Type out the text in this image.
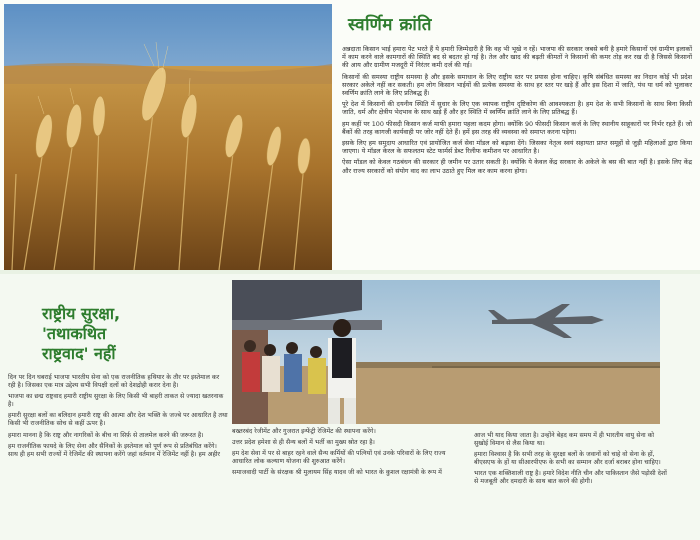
स्वर्णिम क्रांति

अन्नदाता किसान भाई हमारा पेट भरते हैं ये हमारी जिम्मेदारी है कि वह भी भूखे न रहें। भाजपा की सरकार जबसे बनी है हमारे किसानों एवं ग्रामीण इलाकों में काम करने वाले कामगारों की स्थिति बद से बदतर हो गई है। तेल और खाद की बढ़ती कीमतों ने किसानों की कमर तोड़ कर रख दी है जिससे किसानों की आय और ग्रामीण मजदूरी में निरंतर कमी दर्ज की गई।

किसानों की समस्या राष्ट्रीय समस्या है और इसके समाधान के लिए राष्ट्रीय स्तर पर प्रयास होना चाहिए। कृषि संबंधित समस्या का निदान कोई भी प्रदेश सरकार अकेले नहीं कर सकती। हम लोग किसान भाईयों की प्रत्येक समस्या के साथ हर स्तर पर खड़े हैं और इस दिशा में जाति, पंथ या धर्म को भुलाकर स्वर्णिम क्रांति लाने के लिए प्रतिबद्ध हैं।

पूरे देश में किसानों की दयनीय स्थिति में सुधार के लिए एक व्यापक राष्ट्रीय दृष्टिकोण की आवश्यकता है। हम देश के सभी किसानों के साथ बिना किसी जाति, धर्म और क्षेत्रीय भेदभाव के साथ खड़े हैं और हर स्थिति में स्वर्णिम क्रांति लाने के लिए प्रतिबद्ध हैं।

हम कहीं पर 100 फीसदी किसान कर्ज माफी हमारा पहला कदम होगा। क्योंकि 90 फीसदी किसान कर्ज के लिए स्थानीय साहूकारों पर निर्भर रहते हैं। जो बैंकों की तरह कागजी कार्यवाही पर जोर नहीं देते हैं। हमें इस तरह की व्यवस्था को समाप्त करना पड़ेगा।

इसके लिए हम समुदाय आधारित एवं प्रायोजित कर्ज सेवा मॉडल को बढ़ावा देंगे। जिसका नेतृत्व स्वयं सहायता प्राप्त समूहों से जुड़ी महिलाओं द्वारा किया जाएगा। ये मॉडल केरल के सफलतम स्टेट फार्मर्स डेब्ट रिलीफ कमीशन पर आधारित है।

ऐसा मॉडल को केवल गठबंधन की सरकार ही जमीन पर उतार सकती है। क्योंकि ये केवल केंद्र सरकार के अकेले के बस की बात नहीं है। इसके लिए केंद्र और राज्य सरकारों को संयोग वाद का लाभ उठाते हुए मिल कर काम करना होगा।

राष्ट्रीय सुरक्षा,
'तथाकथित
राष्ट्रवाद' नहीं

दिन पर दिन घबराई भाजपा भारतीय सेना को एक राजनीतिक हथियार के तौर पर इस्तेमाल कर रही है। जिसका एक मात्र उद्देश्य सभी विपक्षी दलों को देशद्रोही करार देना है।

भाजपा का छद्म राष्ट्रवाद हमारी राष्ट्रीय सुरक्षा के लिए किसी भी बाहरी ताकत से ज्यादा खतरनाक है।

हमारी सुरक्षा बलों का बलिदान हमारी राष्ट्र की आत्मा और देश भक्ति के जज्बे पर आधारित है तथा किसी भी राजनीतिक सोच से कहीं ऊपर है।

हमारा मानना है कि राष्ट्र और नागरिकों के बीच ना सिर्फ़ से तालमेल करने की जरूरत है।

हम राजनीतिक फायदे के लिए सेना और सैनिकों के इस्तेमाल को पूर्ण रूप से प्रतिबंधित करेंगे। साथ ही हम सभी राज्यों में रेजिमेंट की स्थापना करेंगे जहां वर्तमान में रेजिमेंट नहीं है। हम अहीर

बख्तरबंद रेजीमेंट और गुजरात इन्फेंट्री रेजिमेंट की स्थापना करेंगे।

उत्तर प्रदेश हमेशा से ही सैन्य बलों में भर्ती का मुख्य स्रोत रहा है।

हम देश सेवा में पर से बाहर रहने वाले सैन्य कर्मियों की पत्नियों एवं उनके परिवारों के लिए राज्य आधारित लोक कल्याण योजना की शुरुआत करेंगे।

समाजवादी पार्टी के संरक्षक श्री मुलायम सिंह यादव जी को भारत के कुशल रक्षामंत्री के रूप में

आज भी याद किया जाता है। उन्होंने बेहद कम समय में ही भारतीय वायु सेना को सुखोई विमान से लैस किया था।

हमारा विश्वास है कि सभी तरह के सुरक्षा बलों के जवानों को चाहे वो सेना के हों, बीएसएफ के हों या सीआरपीएफ के सभी का सम्मान और दर्जा बराबर होना चाहिए।

भारत एक शक्तिशाली राष्ट्र है। हमारे विदेश नीति चीन और पाकिस्तान जैसे पड़ोसी देशों से मजबूती और दमदारी के साथ बात करने की होगी।
